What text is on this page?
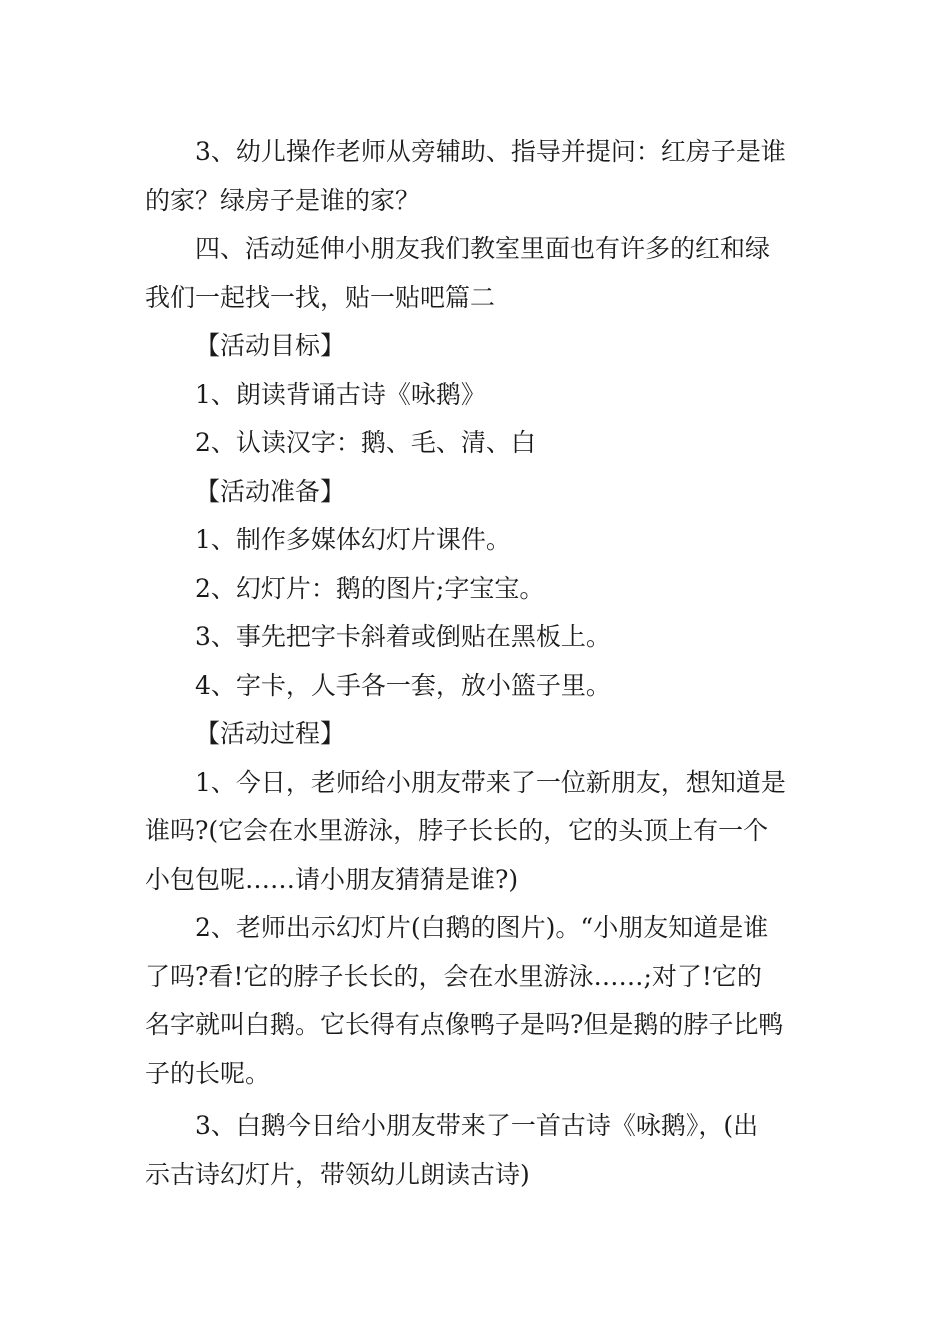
3、幼儿操作老师从旁辅助、指导并提问：红房子是谁
的家？绿房子是谁的家？

四、活动延伸小朋友我们教室里面也有许多的红和绿
我们一起找一找，贴一贴吧篇二

【活动目标】

1、朗读背诵古诗《咏鹅》

2、认读汉字：鹅、毛、清、白

【活动准备】

1、制作多媒体幻灯片课件。

2、幻灯片：鹅的图片;字宝宝。

3、事先把字卡斜着或倒贴在黑板上。

4、字卡，人手各一套，放小篮子里。

【活动过程】

1、今日，老师给小朋友带来了一位新朋友，想知道是
谁吗?(它会在水里游泳，脖子长长的，它的头顶上有一个
小包包呢……请小朋友猜猜是谁?)

2、老师出示幻灯片(白鹅的图片)。“小朋友知道是谁
了吗?看!它的脖子长长的，会在水里游泳……;对了!它的
名字就叫白鹅。它长得有点像鸭子是吗?但是鹅的脖子比鸭
子的长呢。

3、白鹅今日给小朋友带来了一首古诗《咏鹅》，(出
示古诗幻灯片，带领幼儿朗读古诗)
